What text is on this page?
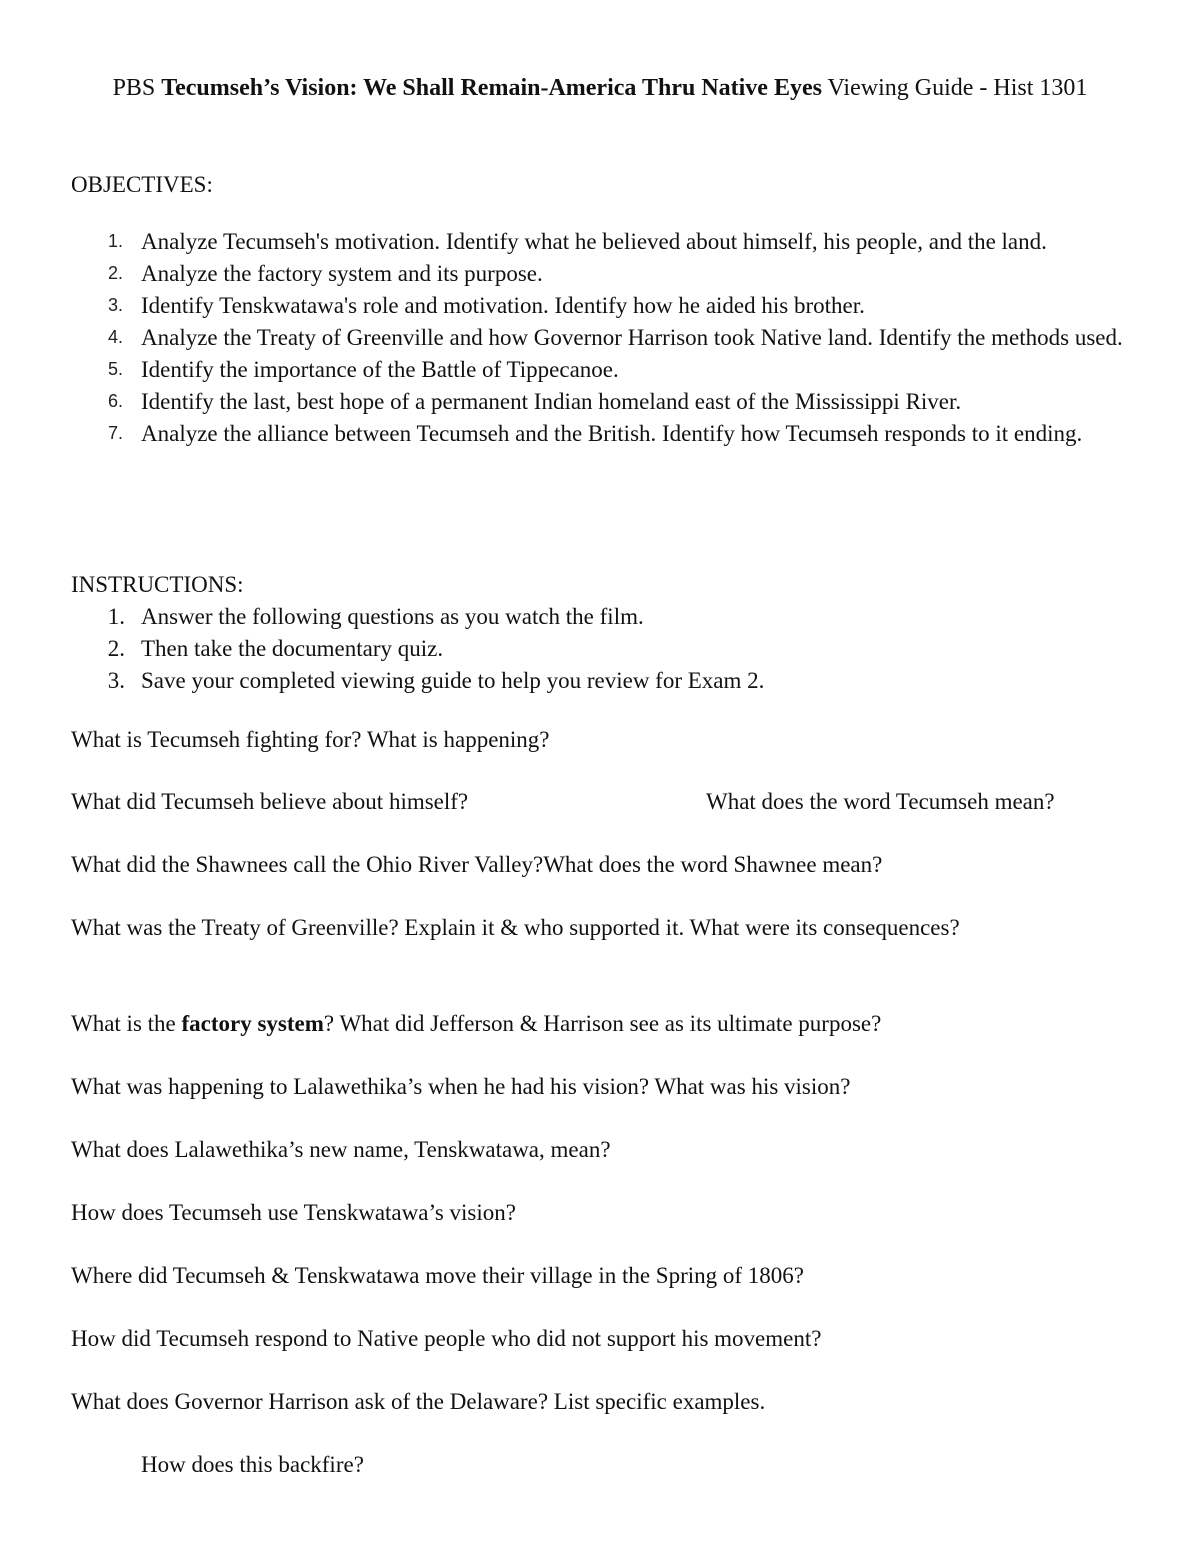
PBS Tecumseh’s Vision: We Shall Remain-America Thru Native Eyes Viewing Guide - Hist 1301
OBJECTIVES:
1. Analyze Tecumseh's motivation. Identify what he believed about himself, his people, and the land.
2. Analyze the factory system and its purpose.
3. Identify Tenskwatawa's role and motivation. Identify how he aided his brother.
4. Analyze the Treaty of Greenville and how Governor Harrison took Native land. Identify the methods used.
5. Identify the importance of the Battle of Tippecanoe.
6. Identify the last, best hope of a permanent Indian homeland east of the Mississippi River.
7. Analyze the alliance between Tecumseh and the British. Identify how Tecumseh responds to it ending.
INSTRUCTIONS:
1. Answer the following questions as you watch the film.
2. Then take the documentary quiz.
3. Save your completed viewing guide to help you review for Exam 2.
What is Tecumseh fighting for? What is happening?
What did Tecumseh believe about himself?	What does the word Tecumseh mean?
What did the Shawnees call the Ohio River Valley?What does the word Shawnee mean?
What was the Treaty of Greenville? Explain it & who supported it. What were its consequences?
What is the factory system? What did Jefferson & Harrison see as its ultimate purpose?
What was happening to Lalawethika’s when he had his vision? What was his vision?
What does Lalawethika’s new name, Tenskwatawa, mean?
How does Tecumseh use Tenskwatawa’s vision?
Where did Tecumseh & Tenskwatawa move their village in the Spring of 1806?
How did Tecumseh respond to Native people who did not support his movement?
What does Governor Harrison ask of the Delaware? List specific examples.
How does this backfire?
